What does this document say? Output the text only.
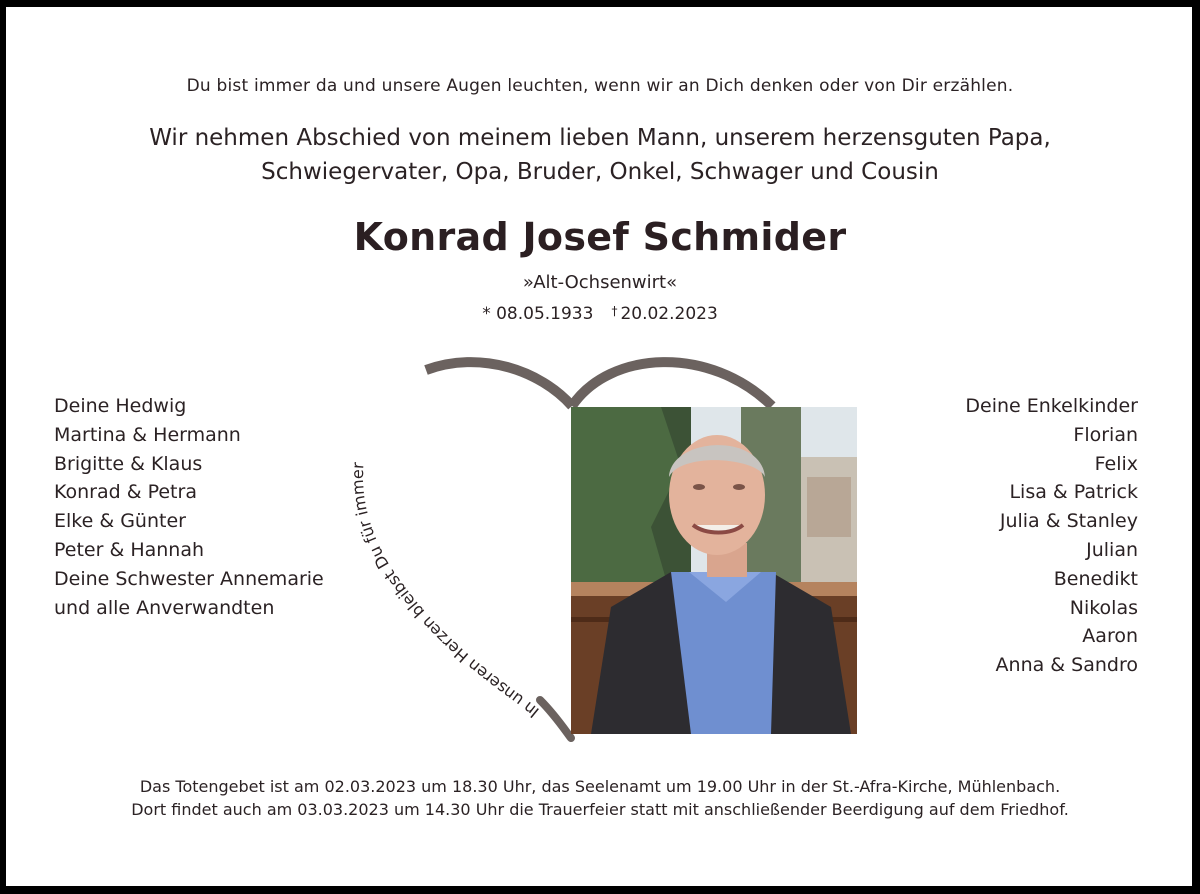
Du bist immer da und unsere Augen leuchten, wenn wir an Dich denken oder von Dir erzählen.
Wir nehmen Abschied von meinem lieben Mann, unserem herzensguten Papa,
Schwiegervater, Opa, Bruder, Onkel, Schwager und Cousin
Konrad Josef Schmider
»Alt-Ochsenwirt«
* 08.05.1933 † 20.02.2023
Deine Hedwig
Martina & Hermann
Brigitte & Klaus
Konrad & Petra
Elke & Günter
Peter & Hannah
Deine Schwester Annemarie
und alle Anverwandten
Deine Enkelkinder
Florian
Felix
Lisa & Patrick
Julia & Stanley
Julian
Benedikt
Nikolas
Aaron
Anna & Sandro
In unseren Herzen bleibst Du für immer
Das Totengebet ist am 02.03.2023 um 18.30 Uhr, das Seelenamt um 19.00 Uhr in der St.-Afra-Kirche, Mühlenbach.
Dort findet auch am 03.03.2023 um 14.30 Uhr die Trauerfeier statt mit anschließender Beerdigung auf dem Friedhof.
